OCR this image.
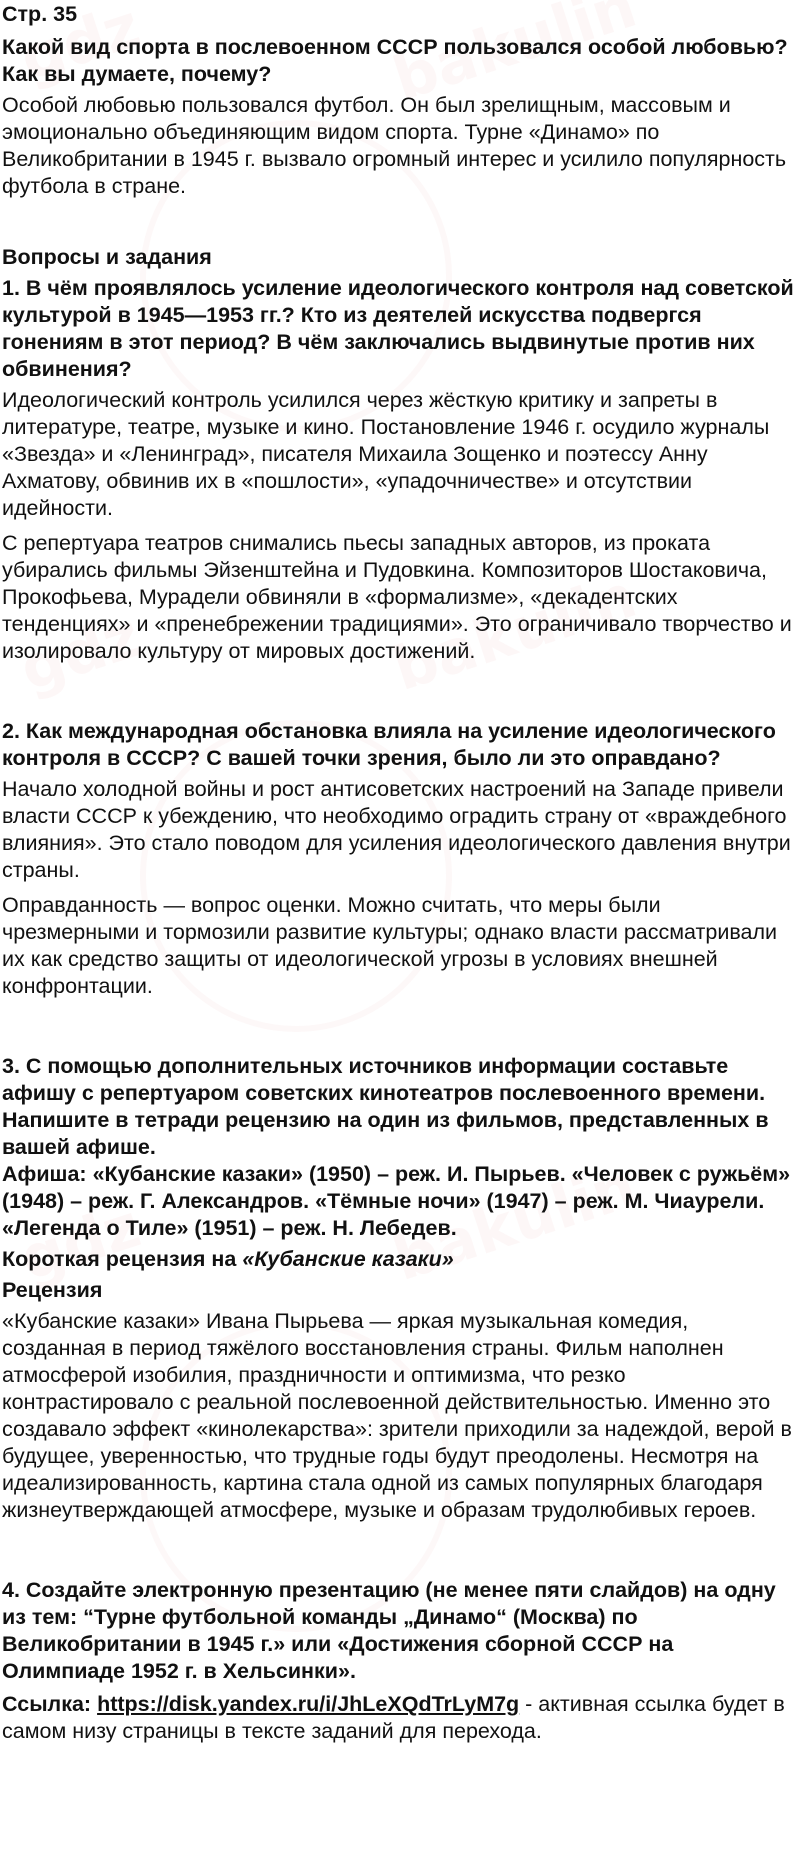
Стр. 35

Какой вид спорта в послевоенном СССР пользовался особой любовью? Как вы думаете, почему?

Особой любовью пользовался футбол. Он был зрелищным, массовым и эмоционально объединяющим видом спорта. Турне «Динамо» по Великобритании в 1945 г. вызвало огромный интерес и усилило популярность футбола в стране.

Вопросы и задания

1. В чём проявлялось усиление идеологического контроля над советской культурой в 1945—1953 гг.? Кто из деятелей искусства подвергся гонениям в этот период? В чём заключались выдвинутые против них обвинения?

Идеологический контроль усилился через жёсткую критику и запреты в литературе, театре, музыке и кино. Постановление 1946 г. осудило журналы «Звезда» и «Ленинград», писателя Михаила Зощенко и поэтессу Анну Ахматову, обвинив их в «пошлости», «упадочничестве» и отсутствии идейности.

С репертуара театров снимались пьесы западных авторов, из проката убирались фильмы Эйзенштейна и Пудовкина. Композиторов Шостаковича, Прокофьева, Мурадели обвиняли в «формализме», «декадентских тенденциях» и «пренебрежении традициями». Это ограничивало творчество и изолировало культуру от мировых достижений.

2. Как международная обстановка влияла на усиление идеологического контроля в СССР? С вашей точки зрения, было ли это оправдано?

Начало холодной войны и рост антисоветских настроений на Западе привели власти СССР к убеждению, что необходимо оградить страну от «враждебного влияния». Это стало поводом для усиления идеологического давления внутри страны.

Оправданность — вопрос оценки. Можно считать, что меры были чрезмерными и тормозили развитие культуры; однако власти рассматривали их как средство защиты от идеологической угрозы в условиях внешней конфронтации.

3. С помощью дополнительных источников информации составьте афишу с репертуаром советских кинотеатров послевоенного времени. Напишите в тетради рецензию на один из фильмов, представленных в вашей афише.

Афиша: «Кубанские казаки» (1950) – реж. И. Пырьев. «Человек с ружьём» (1948) – реж. Г. Александров. «Тёмные ночи» (1947) – реж. М. Чиаурели. «Легенда о Тиле» (1951) – реж. Н. Лебедев.

Короткая рецензия на «Кубанские казаки»

Рецензия

«Кубанские казаки» Ивана Пырьева — яркая музыкальная комедия, созданная в период тяжёлого восстановления страны. Фильм наполнен атмосферой изобилия, праздничности и оптимизма, что резко контрастировало с реальной послевоенной действительностью. Именно это создавало эффект «кинолекарства»: зрители приходили за надеждой, верой в будущее, уверенностью, что трудные годы будут преодолены. Несмотря на идеализированность, картина стала одной из самых популярных благодаря жизнеутверждающей атмосфере, музыке и образам трудолюбивых героев.

4. Создайте электронную презентацию (не менее пяти слайдов) на одну из тем: “Турне футбольной команды „Динамо“ (Москва) по Великобритании в 1945 г.» или «Достижения сборной СССР на Олимпиаде 1952 г. в Хельсинки».

Ссылка: https://disk.yandex.ru/i/JhLeXQdTrLyM7g - активная ссылка будет в самом низу страницы в тексте заданий для перехода.
